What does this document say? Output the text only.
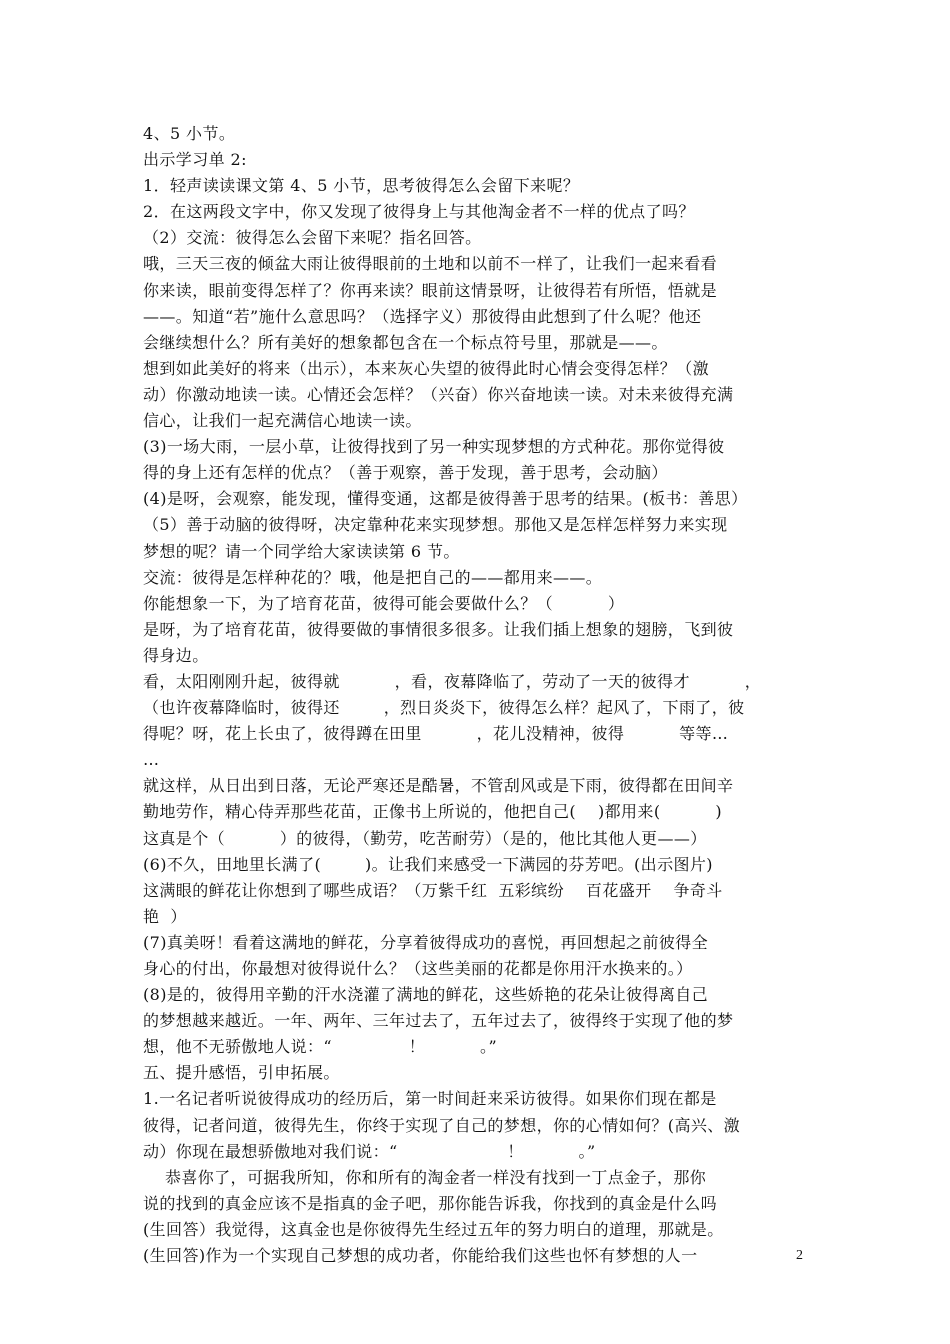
4、5 小节。
出示学习单 2:
1．轻声读读课文第 4、5 小节，思考彼得怎么会留下来呢？
2．在这两段文字中，你又发现了彼得身上与其他淘金者不一样的优点了吗？
（2）交流：彼得怎么会留下来呢？指名回答。
哦，三天三夜的倾盆大雨让彼得眼前的土地和以前不一样了，让我们一起来看看
你来读，眼前变得怎样了？你再来读？眼前这情景呀，让彼得若有所悟，悟就是
——。知道“若”施什么意思吗？（选择字义）那彼得由此想到了什么呢？他还
会继续想什么？所有美好的想象都包含在一个标点符号里，那就是——。
想到如此美好的将来（出示），本来灰心失望的彼得此时心情会变得怎样？（激
动）你激动地读一读。心情还会怎样？（兴奋）你兴奋地读一读。对未来彼得充满
信心，让我们一起充满信心地读一读。
(3)一场大雨，一层小草，让彼得找到了另一种实现梦想的方式种花。那你觉得彼
得的身上还有怎样的优点？（善于观察，善于发现，善于思考，会动脑）
(4)是呀，会观察，能发现，懂得变通，这都是彼得善于思考的结果。(板书：善思）
（5）善于动脑的彼得呀，决定靠种花来实现梦想。那他又是怎样怎样努力来实现
梦想的呢？请一个同学给大家读读第 6 节。
交流：彼得是怎样种花的？哦，他是把自己的——都用来——。
你能想象一下，为了培育花苗，彼得可能会要做什么？（          ）
是呀，为了培育花苗，彼得要做的事情很多很多。让我们插上想象的翅膀，飞到彼
得身边。
看，太阳刚刚升起，彼得就          ，看，夜幕降临了，劳动了一天的彼得才          ，
（也许夜幕降临时，彼得还        ，烈日炎炎下，彼得怎么样？起风了，下雨了，彼
得呢？呀，花上长虫了，彼得蹲在田里          ，花儿没精神，彼得          等等…
…
就这样，从日出到日落，无论严寒还是酷暑，不管刮风或是下雨，彼得都在田间辛
勤地劳作，精心侍弄那些花苗，正像书上所说的，他把自己(    )都用来(          )
这真是个（          ）的彼得，（勤劳，吃苦耐劳）（是的，他比其他人更——）
(6)不久，田地里长满了(        )。让我们来感受一下满园的芬芳吧。(出示图片)
这满眼的鲜花让你想到了哪些成语？（万紫千红  五彩缤纷    百花盛开    争奇斗
艳  ）
(7)真美呀！看着这满地的鲜花，分享着彼得成功的喜悦，再回想起之前彼得全
身心的付出，你最想对彼得说什么？（这些美丽的花都是你用汗水换来的。）
(8)是的，彼得用辛勤的汗水浇灌了满地的鲜花，这些娇艳的花朵让彼得离自己
的梦想越来越近。一年、两年、三年过去了，五年过去了，彼得终于实现了他的梦
想，他不无骄傲地人说：“              ！          。”
五、提升感悟，引申拓展。
1.一名记者听说彼得成功的经历后，第一时间赶来采访彼得。如果你们现在都是
彼得，记者问道，彼得先生，你终于实现了自己的梦想，你的心情如何？(高兴、激
动）你现在最想骄傲地对我们说：“                    ！          。”
恭喜你了，可据我所知，你和所有的淘金者一样没有找到一丁点金子，那你
说的找到的真金应该不是指真的金子吧，那你能告诉我，你找到的真金是什么吗
(生回答）我觉得，这真金也是你彼得先生经过五年的努力明白的道理，那就是。
(生回答)作为一个实现自己梦想的成功者，你能给我们这些也怀有梦想的人一	2
